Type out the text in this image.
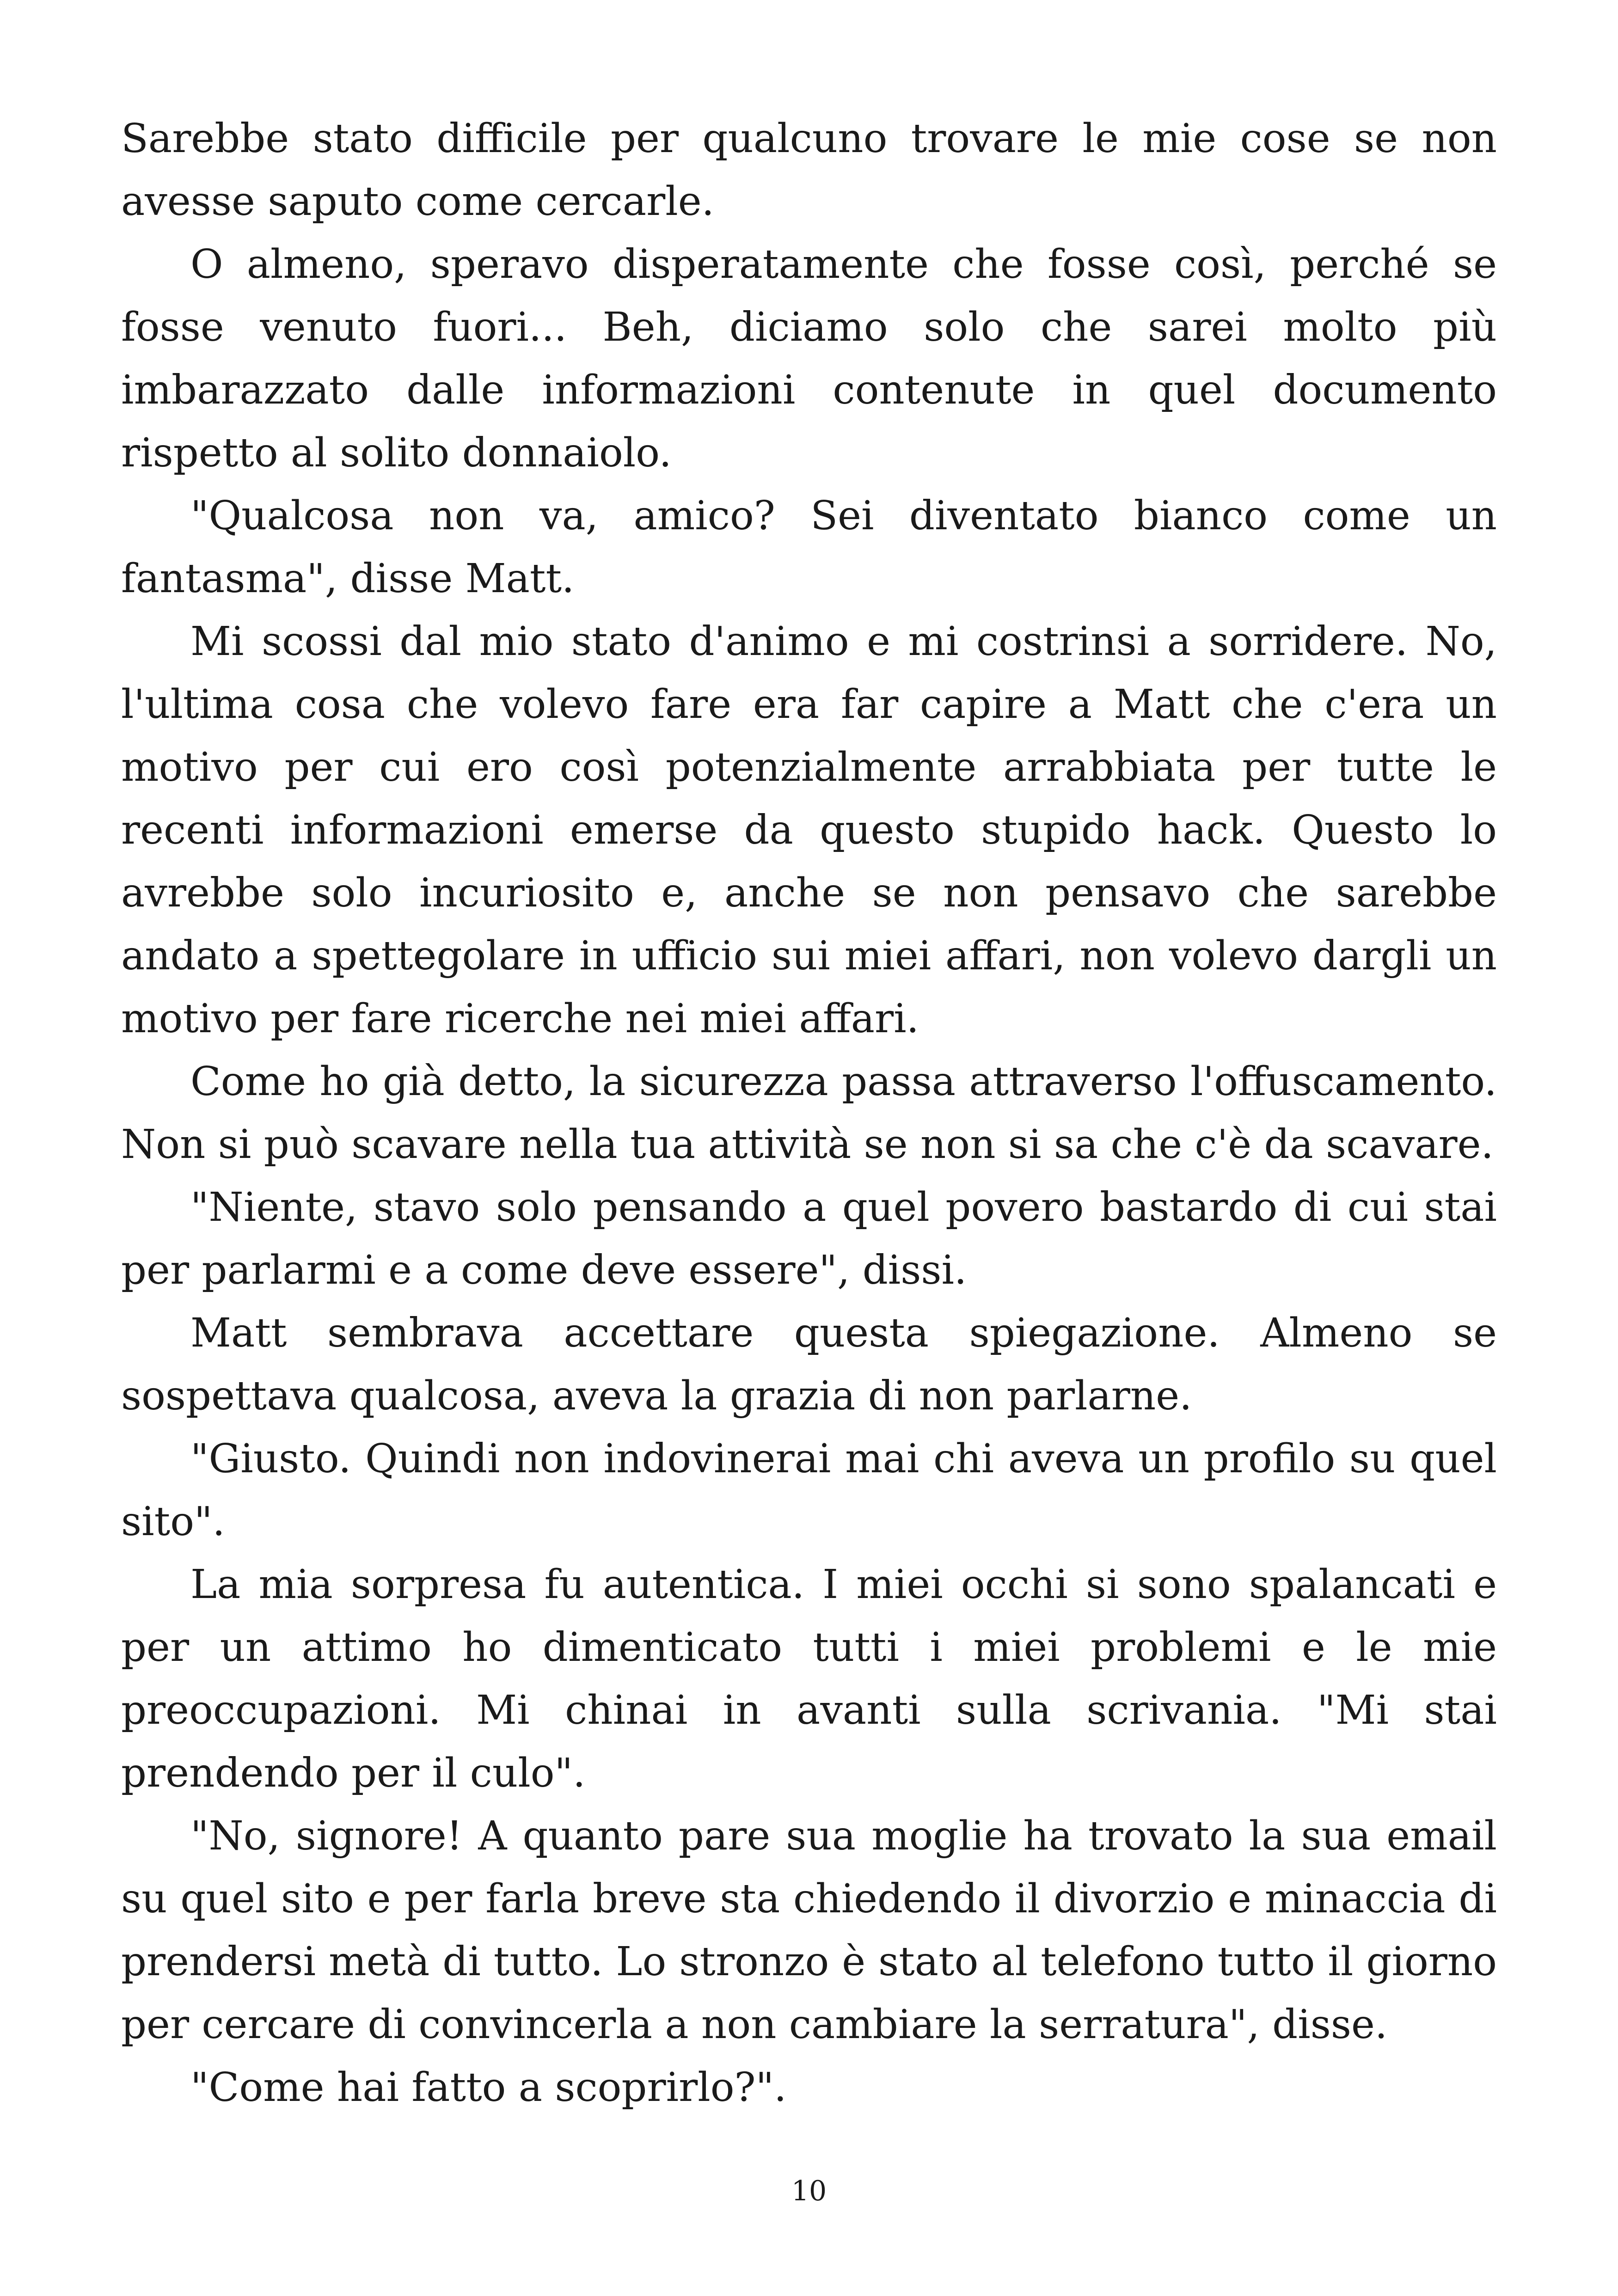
Sarebbe stato difficile per qualcuno trovare le mie cose se non avesse saputo come cercarle.

O almeno, speravo disperatamente che fosse così, perché se fosse venuto fuori... Beh, diciamo solo che sarei molto più imbarazzato dalle informazioni contenute in quel documento rispetto al solito donnaiolo.

"Qualcosa non va, amico? Sei diventato bianco come un fantasma", disse Matt.

Mi scossi dal mio stato d'animo e mi costrinsi a sorridere. No, l'ultima cosa che volevo fare era far capire a Matt che c'era un motivo per cui ero così potenzialmente arrabbiata per tutte le recenti informazioni emerse da questo stupido hack. Questo lo avrebbe solo incuriosito e, anche se non pensavo che sarebbe andato a spettegolare in ufficio sui miei affari, non volevo dargli un motivo per fare ricerche nei miei affari.

Come ho già detto, la sicurezza passa attraverso l'offuscamento. Non si può scavare nella tua attività se non si sa che c'è da scavare.

"Niente, stavo solo pensando a quel povero bastardo di cui stai per parlarmi e a come deve essere", dissi.

Matt sembrava accettare questa spiegazione. Almeno se sospettava qualcosa, aveva la grazia di non parlarne.

"Giusto. Quindi non indovinerai mai chi aveva un profilo su quel sito".

La mia sorpresa fu autentica. I miei occhi si sono spalancati e per un attimo ho dimenticato tutti i miei problemi e le mie preoccupazioni. Mi chinai in avanti sulla scrivania. "Mi stai prendendo per il culo".

"No, signore! A quanto pare sua moglie ha trovato la sua email su quel sito e per farla breve sta chiedendo il divorzio e minaccia di prendersi metà di tutto. Lo stronzo è stato al telefono tutto il giorno per cercare di convincerla a non cambiare la serratura", disse.

"Come hai fatto a scoprirlo?".

10
